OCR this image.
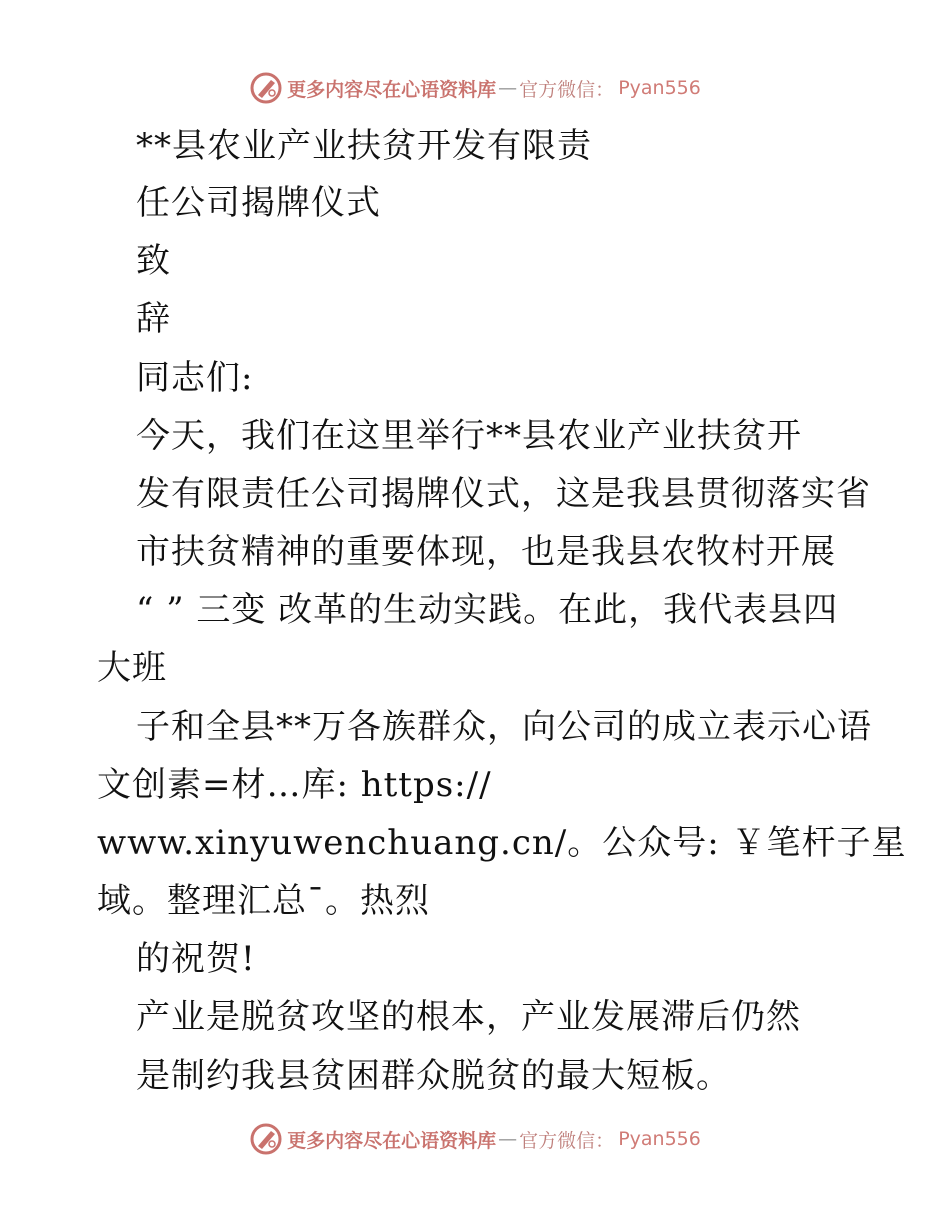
更多内容尽在心语资料库 — 官方微信： Pyan556
**县农业产业扶贫开发有限责
任公司揭牌仪式
致
辞
同志们:
今天，我们在这里举行**县农业产业扶贫开
发有限责任公司揭牌仪式，这是我县贯彻落实省
市扶贫精神的重要体现，也是我县农牧村开展
“ ” 三变 改革的生动实践。在此，我代表县四
大班
子和全县**万各族群众，向公司的成立表示心语
文创素=材…库: https://
www.xinyuwenchuang.cn/。公众号: ￥笔杆子星
域。整理汇总¯。热烈
的祝贺!
产业是脱贫攻坚的根本，产业发展滞后仍然
是制约我县贫困群众脱贫的最大短板。
更多内容尽在心语资料库 — 官方微信： Pyan556
